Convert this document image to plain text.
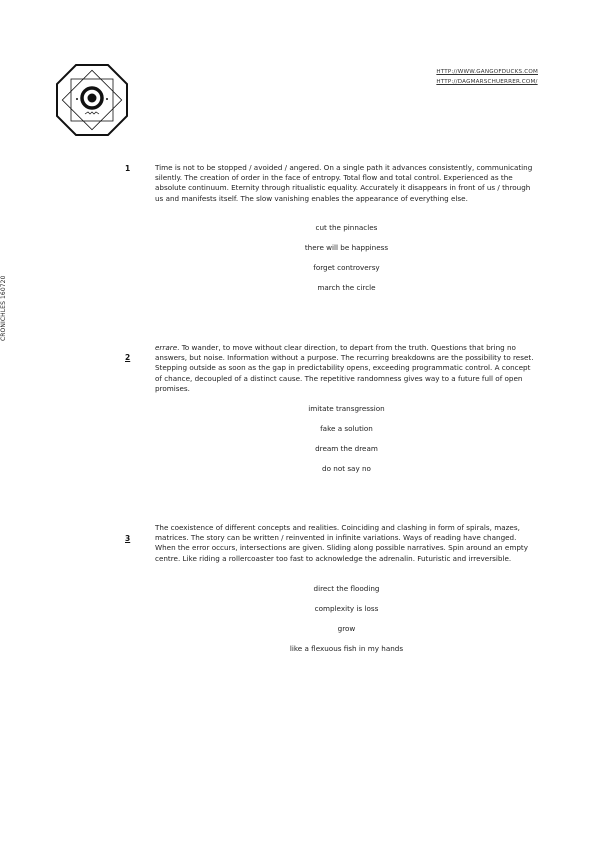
HTTP://WWW.GANGOFDUCKS.COM
HTTP://DAGMARSCHUERRER.COM/
CRONICHLES 160720
1	Time is not to be stopped / avoided / angered. On a single path it advances consistently, communicating silently. The creation of order in the face of entropy. Total flow and total control. Experienced as the absolute continuum. Eternity through ritualistic equality. Accurately it disappears in front of us / through us and manifests itself. The slow vanishing enables the appearance of everything else.

cut the pinnacles
there will be happiness
forget controversy
march the circle
2

errare. To wander, to move without clear direction, to depart from the truth. Questions that bring no answers, but noise. Information without a purpose. The recurring breakdowns are the possibility to reset. Stepping outside as soon as the gap in predictability opens, exceeding programmatic control. A concept of chance, decoupled of a distinct cause. The repetitive randomness gives way to a future full of open promises.

imitate transgression
fake a solution
dream the dream
do not say no
3

The coexistence of different concepts and realities. Coinciding and clashing in form of spirals, mazes, matrices. The story can be written / reinvented in infinite variations. Ways of reading have changed. When the error occurs, intersections are given. Sliding along possible narratives. Spin around an empty centre. Like riding a rollercoaster too fast to acknowledge the adrenalin. Futuristic and irreversible.

direct the flooding
complexity is loss
grow
like a flexuous fish in my hands
